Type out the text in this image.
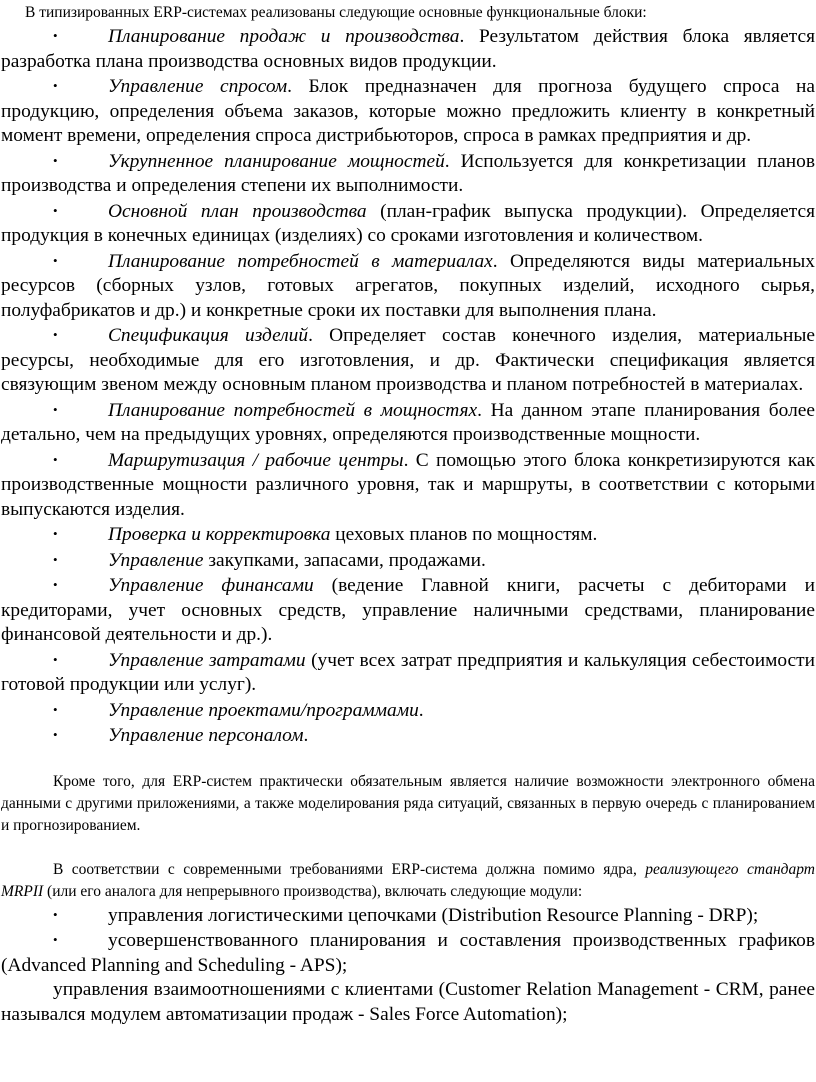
В типизированных ERP-системах реализованы следующие основные функциональные блоки:

•Планирование продаж и производства. Результатом действия блока является разработка плана производства основных видов продукции.

•Управление спросом. Блок предназначен для прогноза будущего спроса на продукцию, определения объема заказов, которые можно предложить клиенту в конкретный момент времени, определения спроса дистрибьюторов, спроса в рамках предприятия и др.

•Укрупненное планирование мощностей. Используется для конкретизации планов производства и определения степени их выполнимости.

•Основной план производства (план-график выпуска продукции). Определяется продукция в конечных единицах (изделиях) со сроками изготовления и количеством.

•Планирование потребностей в материалах. Определяются виды материальных ресурсов (сборных узлов, готовых агрегатов, покупных изделий, исходного сырья, полуфабрикатов и др.) и конкретные сроки их поставки для выполнения плана.

•Спецификация изделий. Определяет состав конечного изделия, материальные ресурсы, необходимые для его изготовления, и др. Фактически спецификация является связующим звеном между основным планом производства и планом потребностей в материалах.

•Планирование потребностей в мощностях. На данном этапе планирования более детально, чем на предыдущих уровнях, определяются производственные мощности.

•Маршрутизация / рабочие центры. С помощью этого блока конкретизируются как производственные мощности различного уровня, так и маршруты, в соответствии с которыми выпускаются изделия.

•Проверка и корректировка цеховых планов по мощностям.

•Управление закупками, запасами, продажами.

•Управление финансами (ведение Главной книги, расчеты с дебиторами и кредиторами, учет основных средств, управление наличными средствами, планирование финансовой деятельности и др.).

•Управление затратами (учет всех затрат предприятия и калькуляция себестоимости готовой продукции или услуг).

•Управление проектами/программами.

•Управление персоналом.

Кроме того, для ERP-систем практически обязательным является наличие возможности электронного обмена данными с другими приложениями, а также моделирования ряда ситуаций, связанных в первую очередь с планированием и прогнозированием.

В соответствии с современными требованиями ERP-система должна помимо ядра, реализующего стандарт MRPII (или его аналога для непрерывного производства), включать следующие модули:

•управления логистическими цепочками (Distribution Resource Planning - DRP);

•усовершенствованного планирования и составления производственных графиков (Advanced Planning and Scheduling - APS);

управления взаимоотношениями с клиентами (Customer Relation Management - CRM, ранее назывался модулем автоматизации продаж - Sales Force Automation);
